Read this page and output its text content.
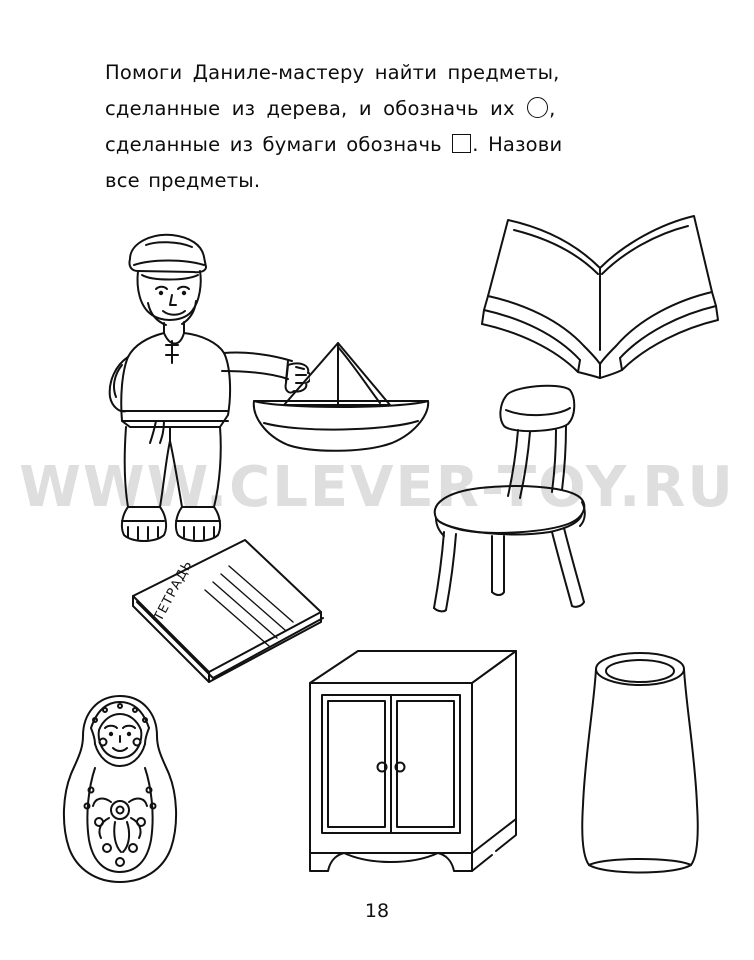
Помоги Даниле-мастеру найти предметы,
сделанные из дерева, и обозначь их ○,
сделанные из бумаги обозначь . Назови
все предметы.
WWW.CLEVER-TOY.RU
ТЕТРАДЬ
18
